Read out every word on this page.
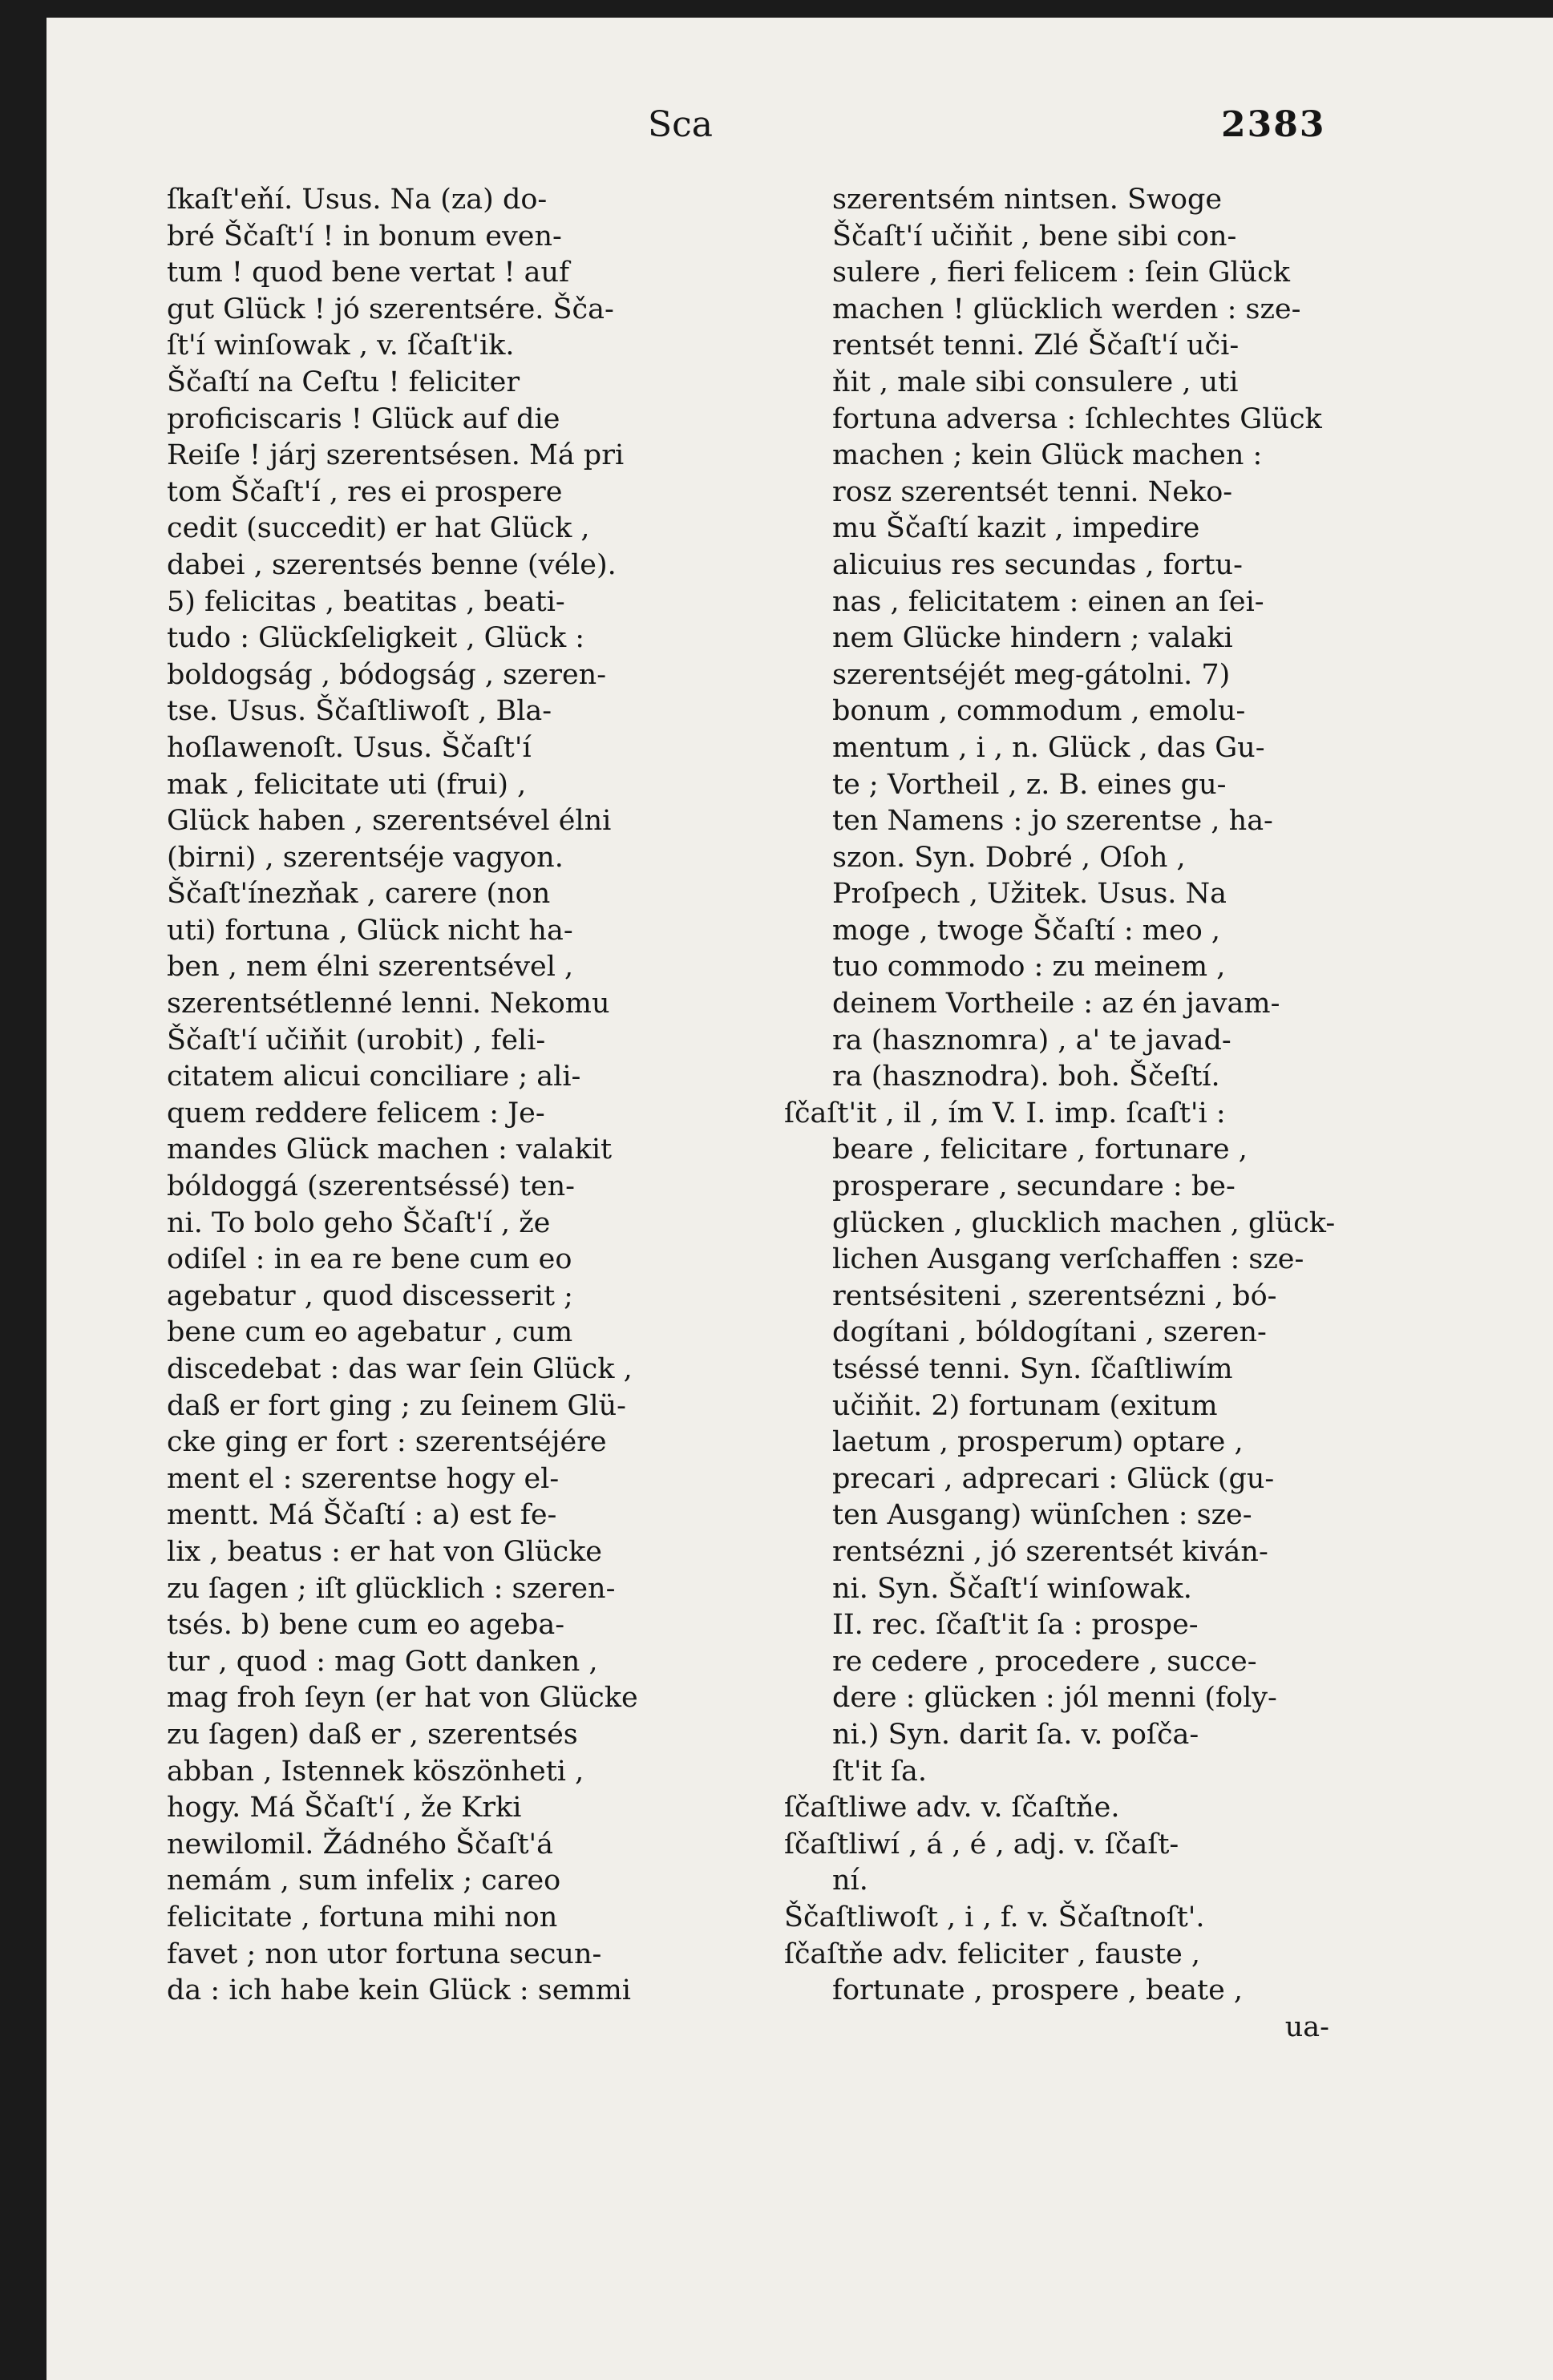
Sca	2383
ſkaſt'eňí. Usus. Na (za) do-
bré Ščaſt'í ! in bonum even-
tum ! quod bene vertat ! auf
gut Glück ! jó szerentsére. Šča-
ſt'í winſowak , v. ſčaſt'ik.
Ščaſtí na Ceſtu ! feliciter
proficiscaris ! Glück auf die
Reiſe ! járj szerentsésen. Má pri
tom Ščaſt'í , res ei prospere
cedit (succedit) er hat Glück ,
dabei , szerentsés benne (véle).
5) felicitas , beatitas , beati-
tudo : Glückſeligkeit , Glück :
boldogság , bódogság , szeren-
tse. Usus. Ščaſtliwoſt , Bla-
hoſlawenoſt. Usus. Ščaſt'í
mak , felicitate uti (frui) ,
Glück haben , szerentsével élni
(birni) , szerentséje vagyon.
Ščaſt'ínezňak , carere (non
uti) fortuna , Glück nicht ha-
ben , nem élni szerentsével ,
szerentsétlenné lenni. Nekomu
Ščaſt'í učiňit (urobit) , feli-
citatem alicui conciliare ; ali-
quem reddere felicem : Je-
mandes Glück machen : valakit
bóldoggá (szerentséssé) ten-
ni. To bolo geho Ščaſt'í , že
odiſel : in ea re bene cum eo
agebatur , quod discesserit ;
bene cum eo agebatur , cum
discedebat : das war ſein Glück ,
daß er fort ging ; zu ſeinem Glü-
cke ging er fort : szerentséjére
ment el : szerentse hogy el-
mentt. Má Ščaſtí : a) est fe-
lix , beatus : er hat von Glücke
zu ſagen ; iſt glücklich : szeren-
tsés. b) bene cum eo ageba-
tur , quod : mag Gott danken ,
mag froh ſeyn (er hat von Glücke
zu ſagen) daß er , szerentsés
abban , Istennek köszönheti ,
hogy. Má Ščaſt'í , že Krki
newilomil. Žádného Ščaſt'á
nemám , sum infelix ; careo
felicitate , fortuna mihi non
favet ; non utor fortuna secun-
da : ich habe kein Glück : semmi
szerentsém nintsen. Swoge
Ščaſt'í učiňit , bene sibi con-
sulere , fieri felicem : ſein Glück
machen ! glücklich werden : sze-
rentsét tenni. Zlé Ščaſt'í uči-
ňit , male sibi consulere , uti
fortuna adversa : ſchlechtes Glück
machen ; kein Glück machen :
rosz szerentsét tenni. Neko-
mu Ščaſtí kazit , impedire
alicuius res secundas , fortu-
nas , felicitatem : einen an ſei-
nem Glücke hindern ; valaki
szerentséjét meg-gátolni. 7)
bonum , commodum , emolu-
mentum , i , n. Glück , das Gu-
te ; Vortheil , z. B. eines gu-
ten Namens : jo szerentse , ha-
szon. Syn. Dobré , Oſoh ,
Proſpech , Užitek. Usus. Na
moge , twoge Ščaſtí : meo ,
tuo commodo : zu meinem ,
deinem Vortheile : az én javam-
ra (hasznomra) , a' te javad-
ra (hasznodra). boh. Ščeſtí.
ſčaſt'it , il , ím V. I. imp. ſcaſt'i :
beare , felicitare , fortunare ,
prosperare , secundare : be-
glücken , glucklich machen , glück-
lichen Ausgang verſchaffen : sze-
rentsésiteni , szerentsézni , bó-
dogítani , bóldogítani , szeren-
tséssé tenni. Syn. ſčaſtliwím
učiňit. 2) fortunam (exitum
laetum , prosperum) optare ,
precari , adprecari : Glück (gu-
ten Ausgang) wünſchen : sze-
rentsézni , jó szerentsét kiván-
ni. Syn. Ščaſt'í winſowak.
II. rec. ſčaſt'it ſa : prospe-
re cedere , procedere , succe-
dere : glücken : jól menni (foly-
ni.) Syn. darit ſa. v. poſča-
ſt'it ſa.
ſčaſtliwe adv. v. ſčaſtňe.
ſčaſtliwí , á , é , adj. v. ſčaſt-
ní.
Ščaſtliwoſt , i , f. v. Ščaſtnoſt'.
ſčaſtňe adv. feliciter , fauste ,
fortunate , prospere , beate ,
ua-
